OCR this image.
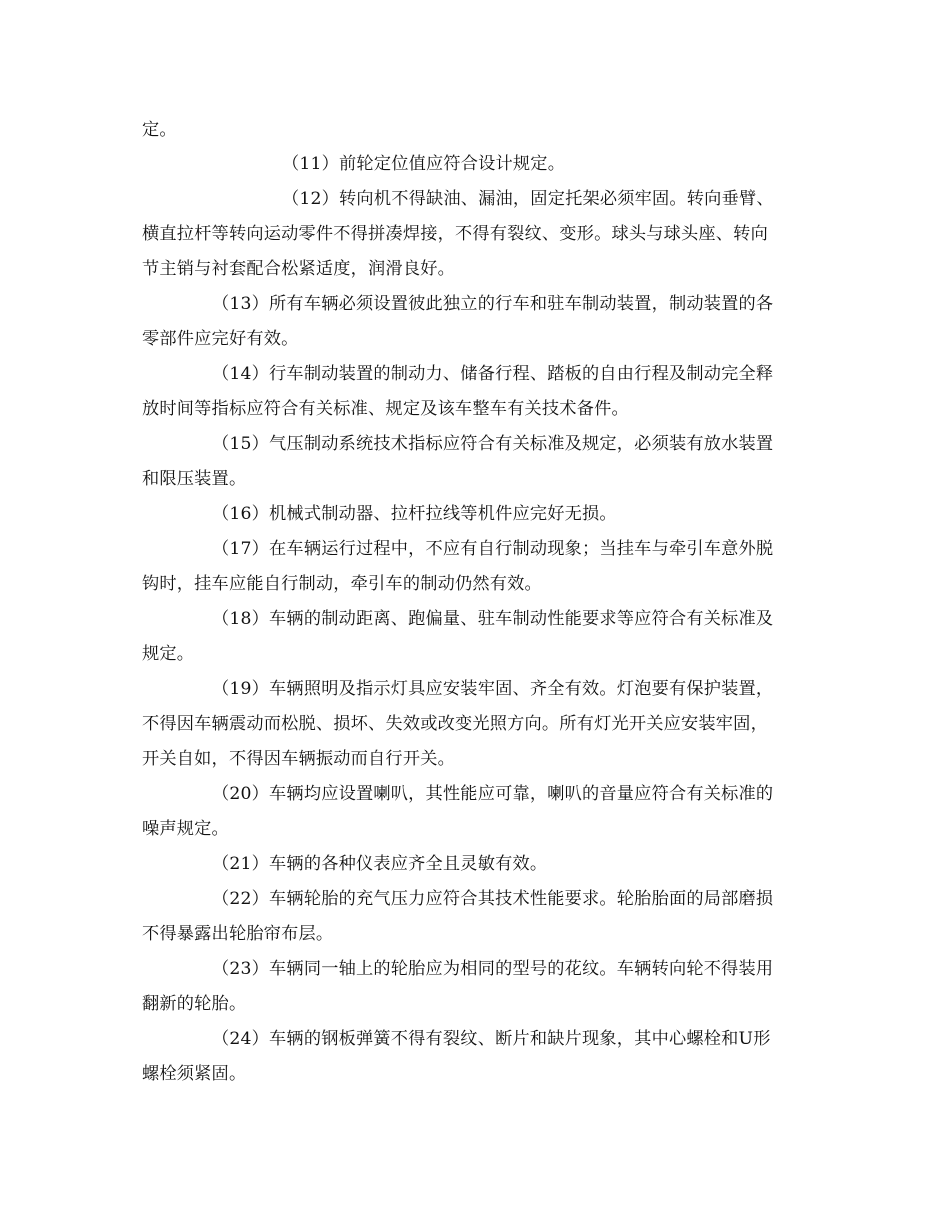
定。
（11）前轮定位值应符合设计规定。
（12）转向机不得缺油、漏油，固定托架必须牢固。转向垂臂、
横直拉杆等转向运动零件不得拼凑焊接，不得有裂纹、变形。球头与球头座、转向
节主销与衬套配合松紧适度，润滑良好。
（13）所有车辆必须设置彼此独立的行车和驻车制动装置，制动装置的各
零部件应完好有效。
（14）行车制动装置的制动力、储备行程、踏板的自由行程及制动完全释
放时间等指标应符合有关标准、规定及该车整车有关技术备件。
（15）气压制动系统技术指标应符合有关标准及规定，必须装有放水装置
和限压装置。
（16）机械式制动器、拉杆拉线等机件应完好无损。
（17）在车辆运行过程中，不应有自行制动现象；当挂车与牵引车意外脱
钩时，挂车应能自行制动，牵引车的制动仍然有效。
（18）车辆的制动距离、跑偏量、驻车制动性能要求等应符合有关标准及
规定。
（19）车辆照明及指示灯具应安装牢固、齐全有效。灯泡要有保护装置，
不得因车辆震动而松脱、损坏、失效或改变光照方向。所有灯光开关应安装牢固，
开关自如，不得因车辆振动而自行开关。
（20）车辆均应设置喇叭，其性能应可靠，喇叭的音量应符合有关标准的
噪声规定。
（21）车辆的各种仪表应齐全且灵敏有效。
（22）车辆轮胎的充气压力应符合其技术性能要求。轮胎胎面的局部磨损
不得暴露出轮胎帘布层。
（23）车辆同一轴上的轮胎应为相同的型号的花纹。车辆转向轮不得装用
翻新的轮胎。
（24）车辆的钢板弹簧不得有裂纹、断片和缺片现象，其中心螺栓和U形
螺栓须紧固。
